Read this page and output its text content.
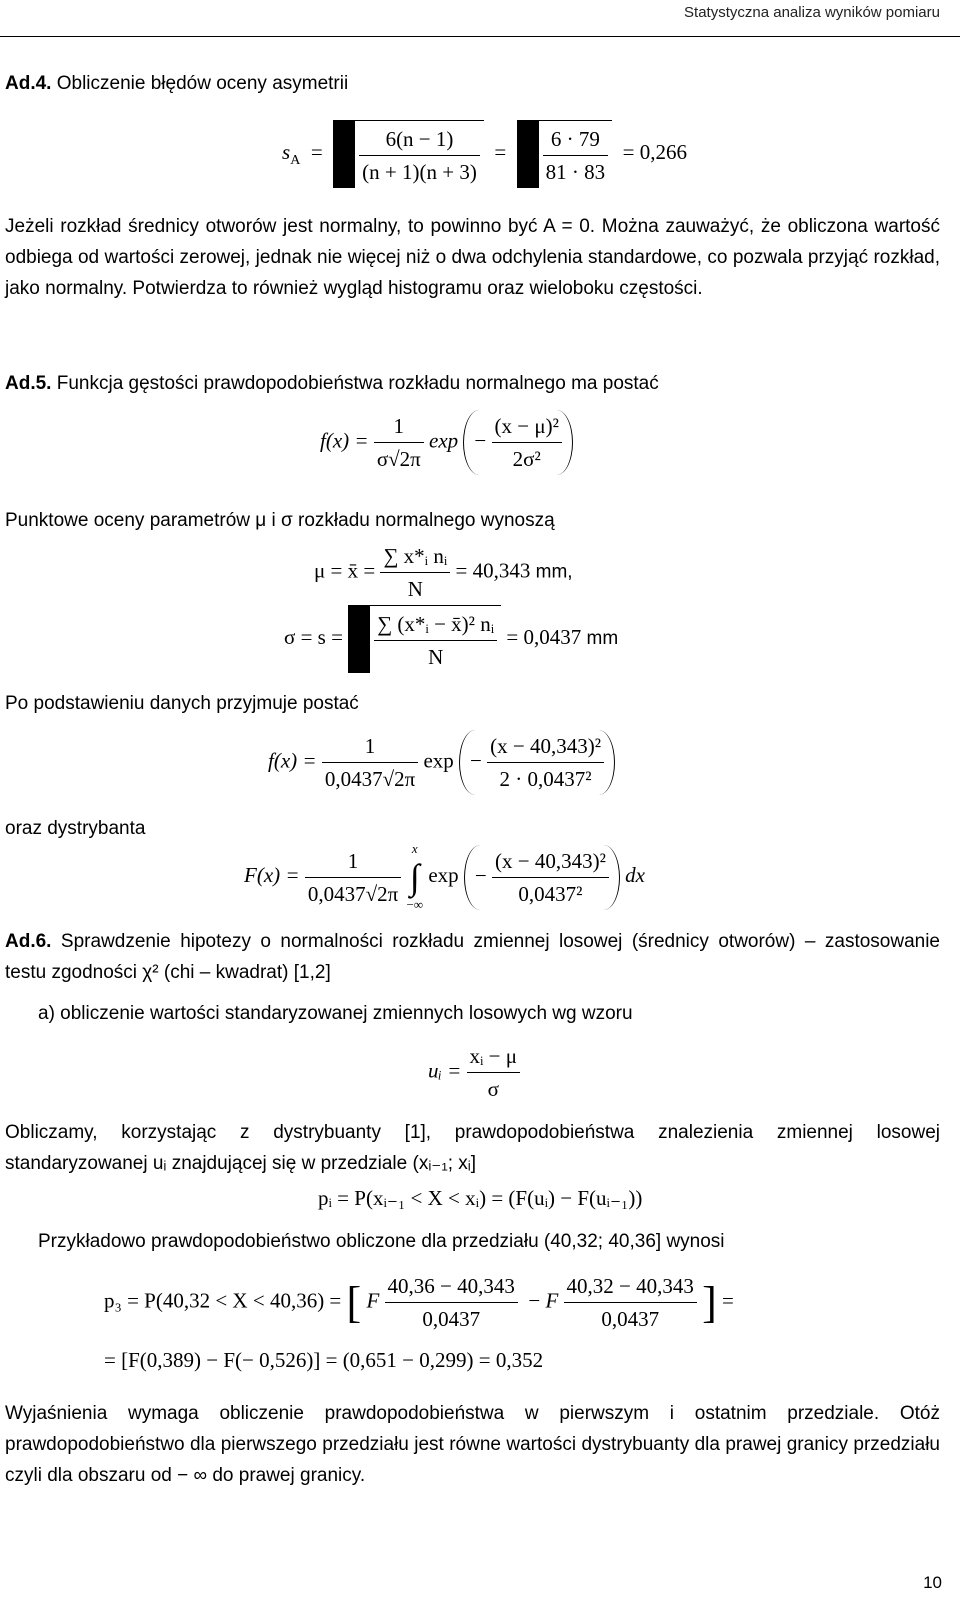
Statystyczna analiza wyników pomiaru
Ad.4. Obliczenie błędów oceny asymetrii
$s_A = \frac{6(n - 1)}{(n + 1)(n + 3)} = \frac{6 \cdot 79}{81 \cdot 83} = 0,266$
Jeżeli rozkład średnicy otworów jest normalny, to powinno być A = 0. Można zauważyć, że obliczona wartość odbiega od wartości zerowej, jednak nie więcej niż o dwa odchylenia standardowe, co pozwala przyjąć rozkład, jako normalny. Potwierdza to również wygląd histogramu oraz wieloboku częstości.
Ad.5. Funkcja gęstości prawdopodobieństwa rozkładu normalnego ma postać
$f(x) = \frac{1}{\sigma√2\pi}$ $\exp - \frac{\text{(x − μ)²}}{\text{2σ²}}$
Punktowe oceny parametrów μ i σ rozkładu normalnego wynoszą
μ = x̄ = $\frac{\text{∑ x*ᵢ nᵢ}}{N} = 40,343$ mm,
$\sigma = s = \frac{\text{∑ (x*ᵢ − x̄)² nᵢ}}{N} = 0,0437$ mm
Po podstawieniu danych przyjmuje postać
$f(x) = \frac{1}{0,0437√2\pi}$ $\exp - \frac{\text{(x − 40,343)²}}{\text{2 · 0,0437²}}$
oraz dystrybanta
$F(x) = \frac{1}{0,0437√2\pi}$
x
∫
−∞
$\exp - \frac{\text{(x − 40,343)²}}{\text{0,0437²}}$ dx
Ad.6. Sprawdzenie hipotezy o normalności rozkładu zmiennej losowej (średnicy otworów) – zastosowanie testu zgodności χ² (chi – kwadrat) [1,2]
a) obliczenie wartości standaryzowanej zmiennych losowych wg wzoru
uᵢ = $\frac{\text{xᵢ − μ}}{\sigma}$
Obliczamy, korzystając z dystrybuanty [1], prawdopodobieństwa znalezienia zmiennej losowej standaryzowanej uᵢ znajdującej się w przedziale (xᵢ₋₁; xᵢ]
pᵢ = P(xᵢ₋₁ < X < xᵢ) = (F(uᵢ) − F(uᵢ₋₁))
Przykładowo prawdopodobieństwo obliczone dla przedziału (40,32; 40,36] wynosi
p₃ = P(40,32 < X < 40,36) = [ F $\frac{40,36 - 40,343}{0,0437} - F \frac{40,32 - 40,343}{0,0437}$ ] =
= [F(0,389) − F(− 0,526)] = (0,651 − 0,299) = 0,352
Wyjaśnienia wymaga obliczenie prawdopodobieństwa w pierwszym i ostatnim przedziale. Otóż prawdopodobieństwo dla pierwszego przedziału jest równe wartości dystrybuanty dla prawej granicy przedziału czyli dla obszaru od − ∞ do prawej granicy.
10
